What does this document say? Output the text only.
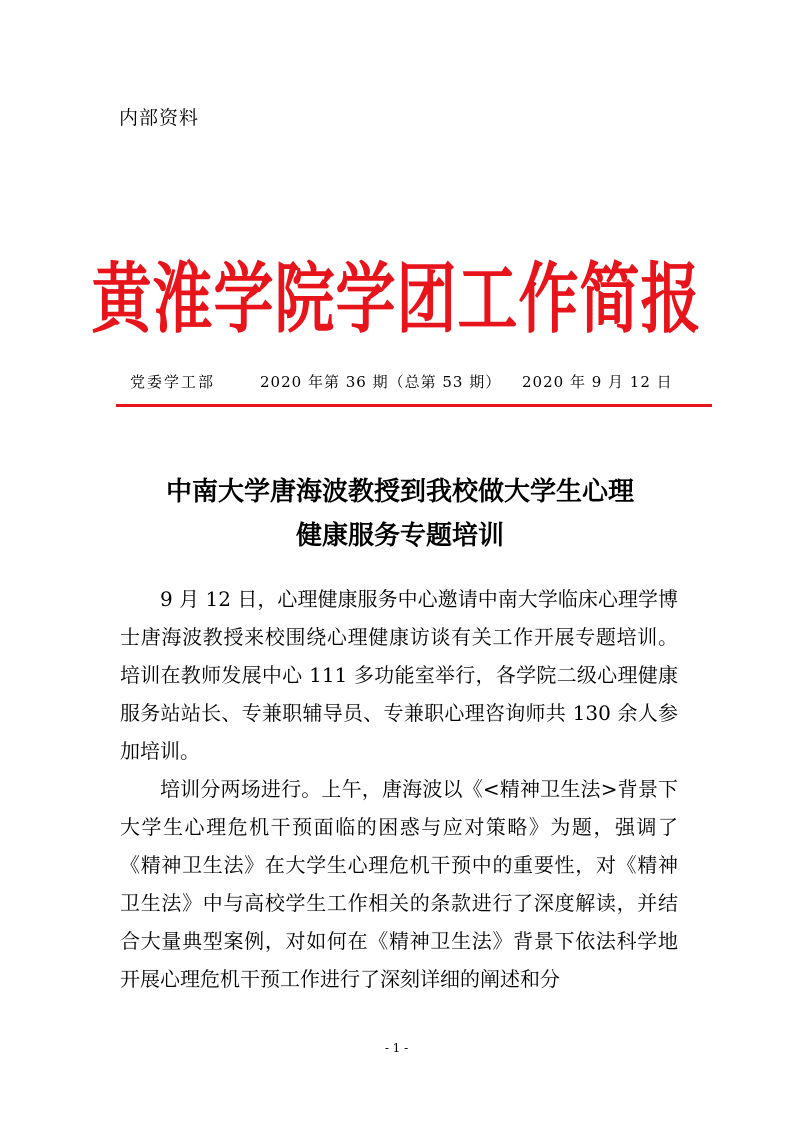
内部资料
黄淮学院学团工作简报
党委学工部	2020 年第 36 期（总第 53 期） 2020 年 9 月 12 日
中南大学唐海波教授到我校做大学生心理
健康服务专题培训

9 月 12 日，心理健康服务中心邀请中南大学临床心理学博士唐海波教授来校围绕心理健康访谈有关工作开展专题培训。培训在教师发展中心 111 多功能室举行，各学院二级心理健康服务站站长、专兼职辅导员、专兼职心理咨询师共 130 余人参加培训。

培训分两场进行。上午，唐海波以《<精神卫生法>背景下大学生心理危机干预面临的困惑与应对策略》为题，强调了《精神卫生法》在大学生心理危机干预中的重要性，对《精神卫生法》中与高校学生工作相关的条款进行了深度解读，并结合大量典型案例，对如何在《精神卫生法》背景下依法科学地开展心理危机干预工作进行了深刻详细的阐述和分

- 1 -
